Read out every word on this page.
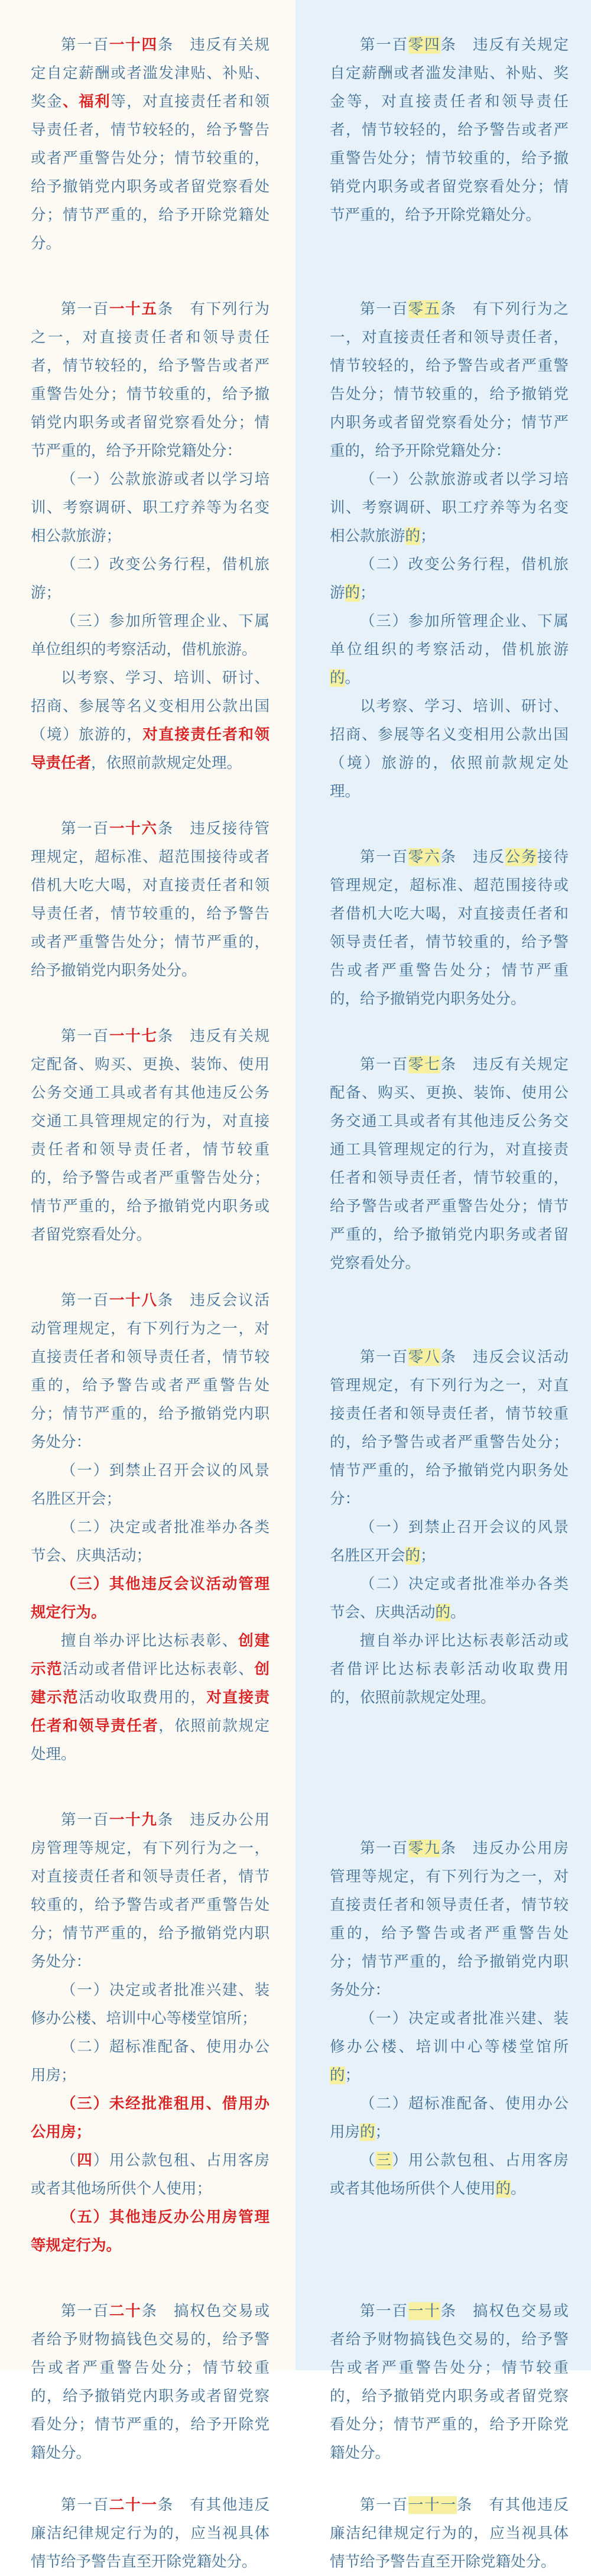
第一百一十四条　违反有关规定自定薪酬或者滥发津贴、补贴、奖金、福利等，对直接责任者和领导责任者，情节较轻的，给予警告或者严重警告处分；情节较重的，给予撤销党内职务或者留党察看处分；情节严重的，给予开除党籍处分。

第一百一十五条　有下列行为之一，对直接责任者和领导责任者，情节较轻的，给予警告或者严重警告处分；情节较重的，给予撤销党内职务或者留党察看处分；情节严重的，给予开除党籍处分：

（一）公款旅游或者以学习培训、考察调研、职工疗养等为名变相公款旅游；

（二）改变公务行程，借机旅游；

（三）参加所管理企业、下属单位组织的考察活动，借机旅游。

以考察、学习、培训、研讨、招商、参展等名义变相用公款出国（境）旅游的，对直接责任者和领导责任者，依照前款规定处理。

第一百一十六条　违反接待管理规定，超标准、超范围接待或者借机大吃大喝，对直接责任者和领导责任者，情节较重的，给予警告或者严重警告处分；情节严重的，给予撤销党内职务处分。

第一百一十七条　违反有关规定配备、购买、更换、装饰、使用公务交通工具或者有其他违反公务交通工具管理规定的行为，对直接责任者和领导责任者，情节较重的，给予警告或者严重警告处分；情节严重的，给予撤销党内职务或者留党察看处分。

第一百一十八条　违反会议活动管理规定，有下列行为之一，对直接责任者和领导责任者，情节较重的，给予警告或者严重警告处分；情节严重的，给予撤销党内职务处分：

（一）到禁止召开会议的风景名胜区开会；

（二）决定或者批准举办各类节会、庆典活动；

（三）其他违反会议活动管理规定行为。

擅自举办评比达标表彰、创建示范活动或者借评比达标表彰、创建示范活动收取费用的，对直接责任者和领导责任者，依照前款规定处理。

第一百一十九条　违反办公用房管理等规定，有下列行为之一，对直接责任者和领导责任者，情节较重的，给予警告或者严重警告处分；情节严重的，给予撤销党内职务处分：

（一）决定或者批准兴建、装修办公楼、培训中心等楼堂馆所；

（二）超标准配备、使用办公用房；

（三）未经批准租用、借用办公用房；

（四）用公款包租、占用客房或者其他场所供个人使用；

（五）其他违反办公用房管理等规定行为。

第一百二十条　搞权色交易或者给予财物搞钱色交易的，给予警告或者严重警告处分；情节较重的，给予撤销党内职务或者留党察看处分；情节严重的，给予开除党籍处分。

第一百二十一条　有其他违反廉洁纪律规定行为的，应当视具体情节给予警告直至开除党籍处分。

第一百零四条　违反有关规定自定薪酬或者滥发津贴、补贴、奖金等，对直接责任者和领导责任者，情节较轻的，给予警告或者严重警告处分；情节较重的，给予撤销党内职务或者留党察看处分；情节严重的，给予开除党籍处分。

第一百零五条　有下列行为之一，对直接责任者和领导责任者，情节较轻的，给予警告或者严重警告处分；情节较重的，给予撤销党内职务或者留党察看处分；情节严重的，给予开除党籍处分：

（一）公款旅游或者以学习培训、考察调研、职工疗养等为名变相公款旅游的；

（二）改变公务行程，借机旅游的；

（三）参加所管理企业、下属单位组织的考察活动，借机旅游的。

以考察、学习、培训、研讨、招商、参展等名义变相用公款出国（境）旅游的，依照前款规定处理。

第一百零六条　违反公务接待管理规定，超标准、超范围接待或者借机大吃大喝，对直接责任者和领导责任者，情节较重的，给予警告或者严重警告处分；情节严重的，给予撤销党内职务处分。

第一百零七条　违反有关规定配备、购买、更换、装饰、使用公务交通工具或者有其他违反公务交通工具管理规定的行为，对直接责任者和领导责任者，情节较重的，给予警告或者严重警告处分；情节严重的，给予撤销党内职务或者留党察看处分。

第一百零八条　违反会议活动管理规定，有下列行为之一，对直接责任者和领导责任者，情节较重的，给予警告或者严重警告处分；情节严重的，给予撤销党内职务处分：

（一）到禁止召开会议的风景名胜区开会的；

（二）决定或者批准举办各类节会、庆典活动的。

擅自举办评比达标表彰活动或者借评比达标表彰活动收取费用的，依照前款规定处理。

第一百零九条　违反办公用房管理等规定，有下列行为之一，对直接责任者和领导责任者，情节较重的，给予警告或者严重警告处分；情节严重的，给予撤销党内职务处分：

（一）决定或者批准兴建、装修办公楼、培训中心等楼堂馆所的；

（二）超标准配备、使用办公用房的；

（三）用公款包租、占用客房或者其他场所供个人使用的。

第一百一十条　搞权色交易或者给予财物搞钱色交易的，给予警告或者严重警告处分；情节较重的，给予撤销党内职务或者留党察看处分；情节严重的，给予开除党籍处分。

第一百一十一条　有其他违反廉洁纪律规定行为的，应当视具体情节给予警告直至开除党籍处分。
